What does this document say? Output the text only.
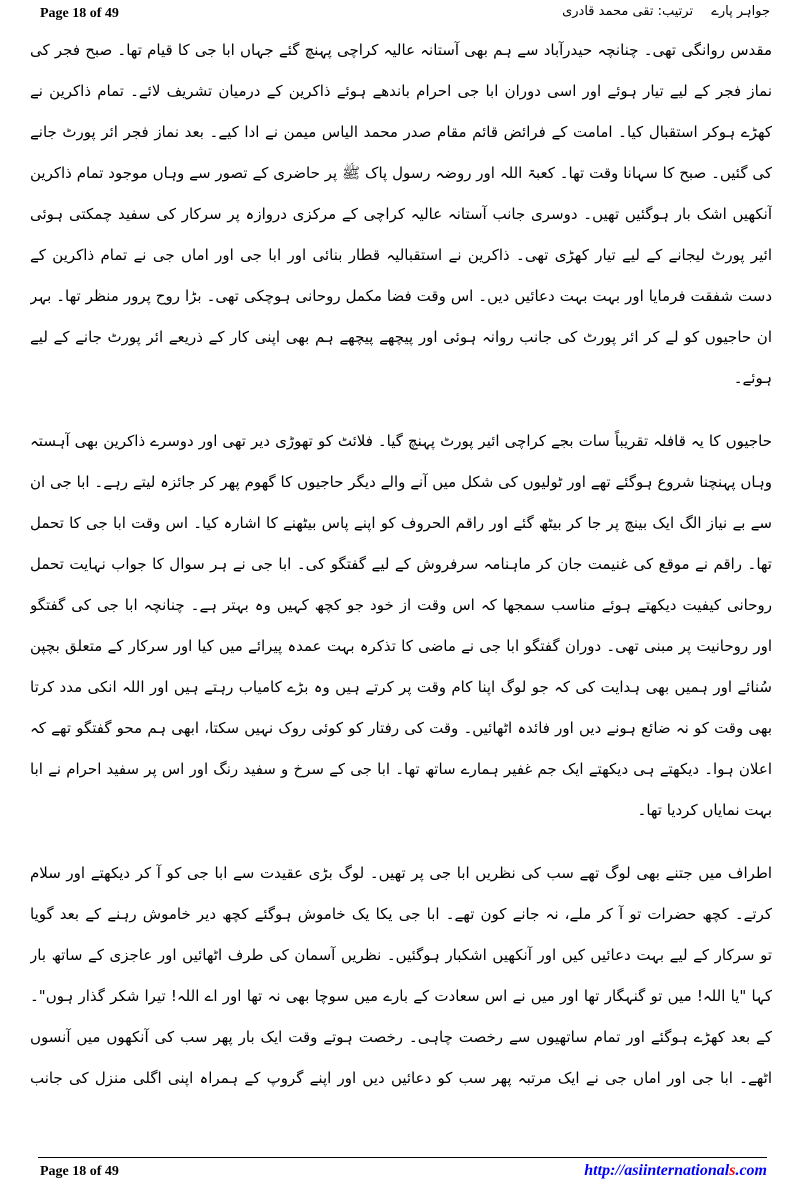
Page 18 of 49	جواہر پارے ترتیب: تقی محمد قادری
مقدس روانگی تھی۔ چنانچہ حیدرآباد سے ہم بھی آستانہ عالیہ کراچی پہنچ گئے جہاں ابا جی کا قیام تھا۔ صبح فجر کی
نماز فجر کے لیے تیار ہوئے اور اسی دوران ابا جی احرام باندھے ہوئے ذاکرین کے درمیان تشریف لائے۔ تمام ذاکرین نے
کھڑے ہوکر استقبال کیا۔ امامت کے فرائض قائم مقام صدر محمد الیاس میمن نے ادا کیے۔ بعد نماز فجر ائر پورٹ جانے
کی گئیں۔ صبح کا سہانا وقت تھا۔ کعبۃ اللہ اور روضہ رسول پاک ﷺ پر حاضری کے تصور سے وہاں موجود تمام ذاکرین
آنکھیں اشک بار ہوگئیں تھیں۔ دوسری جانب آستانہ عالیہ کراچی کے مرکزی دروازہ پر سرکار کی سفید چمکتی ہوئی
ائیر پورٹ لیجانے کے لیے تیار کھڑی تھی۔ ذاکرین نے استقبالیہ قطار بنائی اور ابا جی اور اماں جی نے تمام ذاکرین کے
دست شفقت فرمایا اور بہت بہت دعائیں دیں۔ اس وقت فضا مکمل روحانی ہوچکی تھی۔ بڑا روح پرور منظر تھا۔ بہر
ان حاجیوں کو لے کر ائر پورٹ کی جانب روانہ ہوئی اور پیچھے پیچھے ہم بھی اپنی کار کے ذریعے ائر پورٹ جانے کے لیے
ہوئے۔
حاجیوں کا یہ قافلہ تقریباً سات بجے کراچی ائیر پورٹ پہنچ گیا۔ فلائٹ کو تھوڑی دیر تھی اور دوسرے ذاکرین بھی آہستہ
وہاں پہنچنا شروع ہوگئے تھے اور ٹولیوں کی شکل میں آنے والے دیگر حاجیوں کا گھوم پھر کر جائزہ لیتے رہے۔ ابا جی ان
سے بے نیاز الگ ایک بینچ پر جا کر بیٹھ گئے اور راقم الحروف کو اپنے پاس بیٹھنے کا اشارہ کیا۔ اس وقت ابا جی کا تحمل
تھا۔ راقم نے موقع کی غنیمت جان کر ماہنامہ سرفروش کے لیے گفتگو کی۔ ابا جی نے ہر سوال کا جواب نہایت تحمل
روحانی کیفیت دیکھتے ہوئے مناسب سمجھا کہ اس وقت از خود جو کچھ کہیں وہ بہتر ہے۔ چنانچہ ابا جی کی گفتگو
اور روحانیت پر مبنی تھی۔ دوران گفتگو ابا جی نے ماضی کا تذکرہ بہت عمدہ پیرائے میں کیا اور سرکار کے متعلق بچپن
سُنائے اور ہمیں بھی ہدایت کی کہ جو لوگ اپنا کام وقت پر کرتے ہیں وہ بڑے کامیاب رہتے ہیں اور اللہ انکی مدد کرتا
بھی وقت کو نہ ضائع ہونے دیں اور فائدہ اٹھائیں۔ وقت کی رفتار کو کوئی روک نہیں سکتا، ابھی ہم محو گفتگو تھے کہ
اعلان ہوا۔ دیکھتے ہی دیکھتے ایک جم غفیر ہمارے ساتھ تھا۔ ابا جی کے سرخ و سفید رنگ اور اس پر سفید احرام نے ابا
بہت نمایاں کردیا تھا۔
اطراف میں جتنے بھی لوگ تھے سب کی نظریں ابا جی پر تھیں۔ لوگ بڑی عقیدت سے ابا جی کو آ کر دیکھتے اور سلام
کرتے۔ کچھ حضرات تو آ کر ملے، نہ جانے کون تھے۔ ابا جی یکا یک خاموش ہوگئے کچھ دیر خاموش رہنے کے بعد گویا
تو سرکار کے لیے بہت دعائیں کیں اور آنکھیں اشکبار ہوگئیں۔ نظریں آسمان کی طرف اٹھائیں اور عاجزی کے ساتھ بار
کہا "یا اللہ! میں تو گنہگار تھا اور میں نے اس سعادت کے بارے میں سوچا بھی نہ تھا اور اے اللہ! تیرا شکر گذار ہوں"۔
کے بعد کھڑے ہوگئے اور تمام ساتھیوں سے رخصت چاہی۔ رخصت ہوتے وقت ایک بار پھر سب کی آنکھوں میں آنسوں
اٹھے۔ ابا جی اور اماں جی نے ایک مرتبہ پھر سب کو دعائیں دیں اور اپنے گروپ کے ہمراہ اپنی اگلی منزل کی جانب
Page 18 of 49	http://asiinternationals.com
